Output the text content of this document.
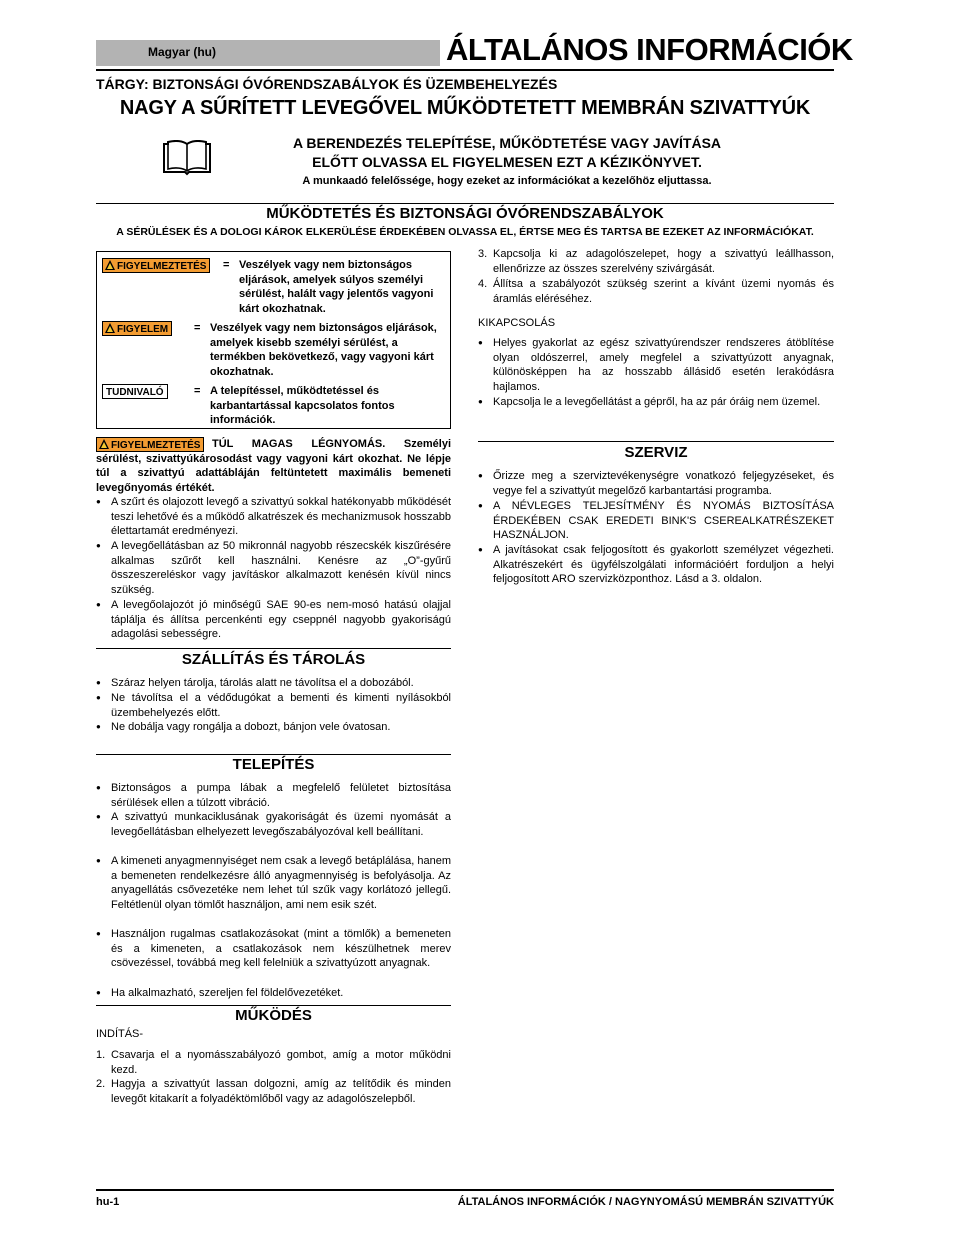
Magyar (hu)	ÁLTALÁNOS INFORMÁCIÓK
TÁRGY: BIZTONSÁGI ÓVÓRENDSZABÁLYOK ÉS ÜZEMBEHELYEZÉS
NAGY A SŰRÍTETT LEVEGŐVEL MŰKÖDTETETT MEMBRÁN SZIVATTYÚK
A BERENDEZÉS TELEPÍTÉSE, MŰKÖDTETÉSE VAGY JAVÍTÁSA
ELŐTT OLVASSA EL FIGYELMESEN EZT A KÉZIKÖNYVET.
A munkaadó felelőssége, hogy ezeket az információkat a kezelőhöz eljuttassa.
MŰKÖDTETÉS ÉS BIZTONSÁGI ÓVÓRENDSZABÁLYOK
A SÉRÜLÉSEK ÉS A DOLOGI KÁROK ELKERÜLÉSE ÉRDEKÉBEN OLVASSA EL, ÉRTSE MEG ÉS TARTSA BE EZEKET AZ INFORMÁCIÓKAT.
FIGYELMEZTETÉS	= Veszélyek vagy nem biztonságos eljárások, amelyek súlyos személyi sérülést, halált vagy jelentős vagyoni kárt okozhatnak.
FIGYELEM	= Veszélyek vagy nem biztonságos eljárások, amelyek kisebb személyi sérülést, a termékben bekövetkező, vagy vagyoni kárt okozhatnak.
TUDNIVALÓ	= A telepítéssel, működtetéssel és karbantartással kapcsolatos fontos információk.
FIGYELMEZTETÉS	TÚL MAGAS LÉGNYOMÁS. Személyi sérülést, szivattyúkárosodást vagy vagyoni kárt okozhat. Ne lépje túl a szivattyú adattábláján feltüntetett maximális bemeneti levegőnyomás értékét.
● A szűrt és olajozott levegő a szivattyú sokkal hatékonyabb működését teszi lehetővé és a működő alkatrészek és mechanizmusok hosszabb élettartamát eredményezi.
● A levegőellátásban az 50 mikronnál nagyobb részecskék kiszűrésére alkalmas szűrőt kell használni. Kenésre az „O”-gyűrű összeszereléskor vagy javításkor alkalmazott kenésén kívül nincs szükség.
● A levegőolajozót jó minőségű SAE 90-es nem-mosó hatású olajjal táplálja és állítsa percenkénti egy cseppnél nagyobb gyakoriságú adagolási sebességre.
SZÁLLÍTÁS ÉS TÁROLÁS
● Száraz helyen tárolja, tárolás alatt ne távolítsa el a dobozából.
● Ne távolítsa el a védődugókat a bementi és kimenti nyílásokból üzembehelyezés előtt.
● Ne dobálja vagy rongálja a dobozt, bánjon vele óvatosan.
TELEPÍTÉS
● Biztonságos a pumpa lábak a megfelelő felületet biztosítása sérülések ellen a túlzott vibráció.
● A szivattyú munkaciklusának gyakoriságát és üzemi nyomását a levegőellátásban elhelyezett levegőszabályozóval kell beállítani.
● A kimeneti anyagmennyiséget nem csak a levegő betáplálása, hanem a bemeneten rendelkezésre álló anyagmennyiség is befolyásolja. Az anyagellátás csővezetéke nem lehet túl szűk vagy korlátozó jellegű. Feltétlenül olyan tömlőt használjon, ami nem esik szét.
● Használjon rugalmas csatlakozásokat (mint a tömlők) a bemeneten és a kimeneten, a csatlakozások nem készülhetnek merev csövezéssel, továbbá meg kell felelniük a szivattyúzott anyagnak.
● Ha alkalmazható, szereljen fel földelővezetéket.
MŰKÖDÉS
INDÍTÁS-
1. Csavarja el a nyomásszabályozó gombot, amíg a motor működni kezd.
2. Hagyja a szivattyút lassan dolgozni, amíg az telítődik és minden levegőt kitakarít a folyadéktömlőből vagy az adagolószelepből.
3. Kapcsolja ki az adagolószelepet, hogy a szivattyú leállhasson, ellenőrizze az összes szerelvény szivárgását.
4. Állítsa a szabályozót szükség szerint a kívánt üzemi nyomás és áramlás eléréséhez.
KIKAPCSOLÁS
● Helyes gyakorlat az egész szivattyúrendszer rendszeres átöblítése olyan oldószerrel, amely megfelel a szivattyúzott anyagnak, különösképpen ha az hosszabb állásidő esetén lerakódásra hajlamos.
● Kapcsolja le a levegőellátást a gépről, ha az pár óráig nem üzemel.
SZERVIZ
● Őrizze meg a szerviztevékenységre vonatkozó feljegyzéseket, és vegye fel a szivattyút megelőző karbantartási programba.
● A NÉVLEGES TELJESÍTMÉNY ÉS NYOMÁS BIZTOSÍTÁSA ÉRDEKÉBEN CSAK EREDETI BINK'S CSEREALKATRÉSZEKET HASZNÁLJON.
● A javításokat csak feljogosított és gyakorlott személyzet végezheti. Alkatrészekért és ügyfélszolgálati információért forduljon a helyi feljogosított ARO szervizközponthoz. Lásd a 3. oldalon.
hu-1	ÁLTALÁNOS INFORMÁCIÓK / NAGYNYOMÁSÚ MEMBRÁN SZIVATTYÚK
